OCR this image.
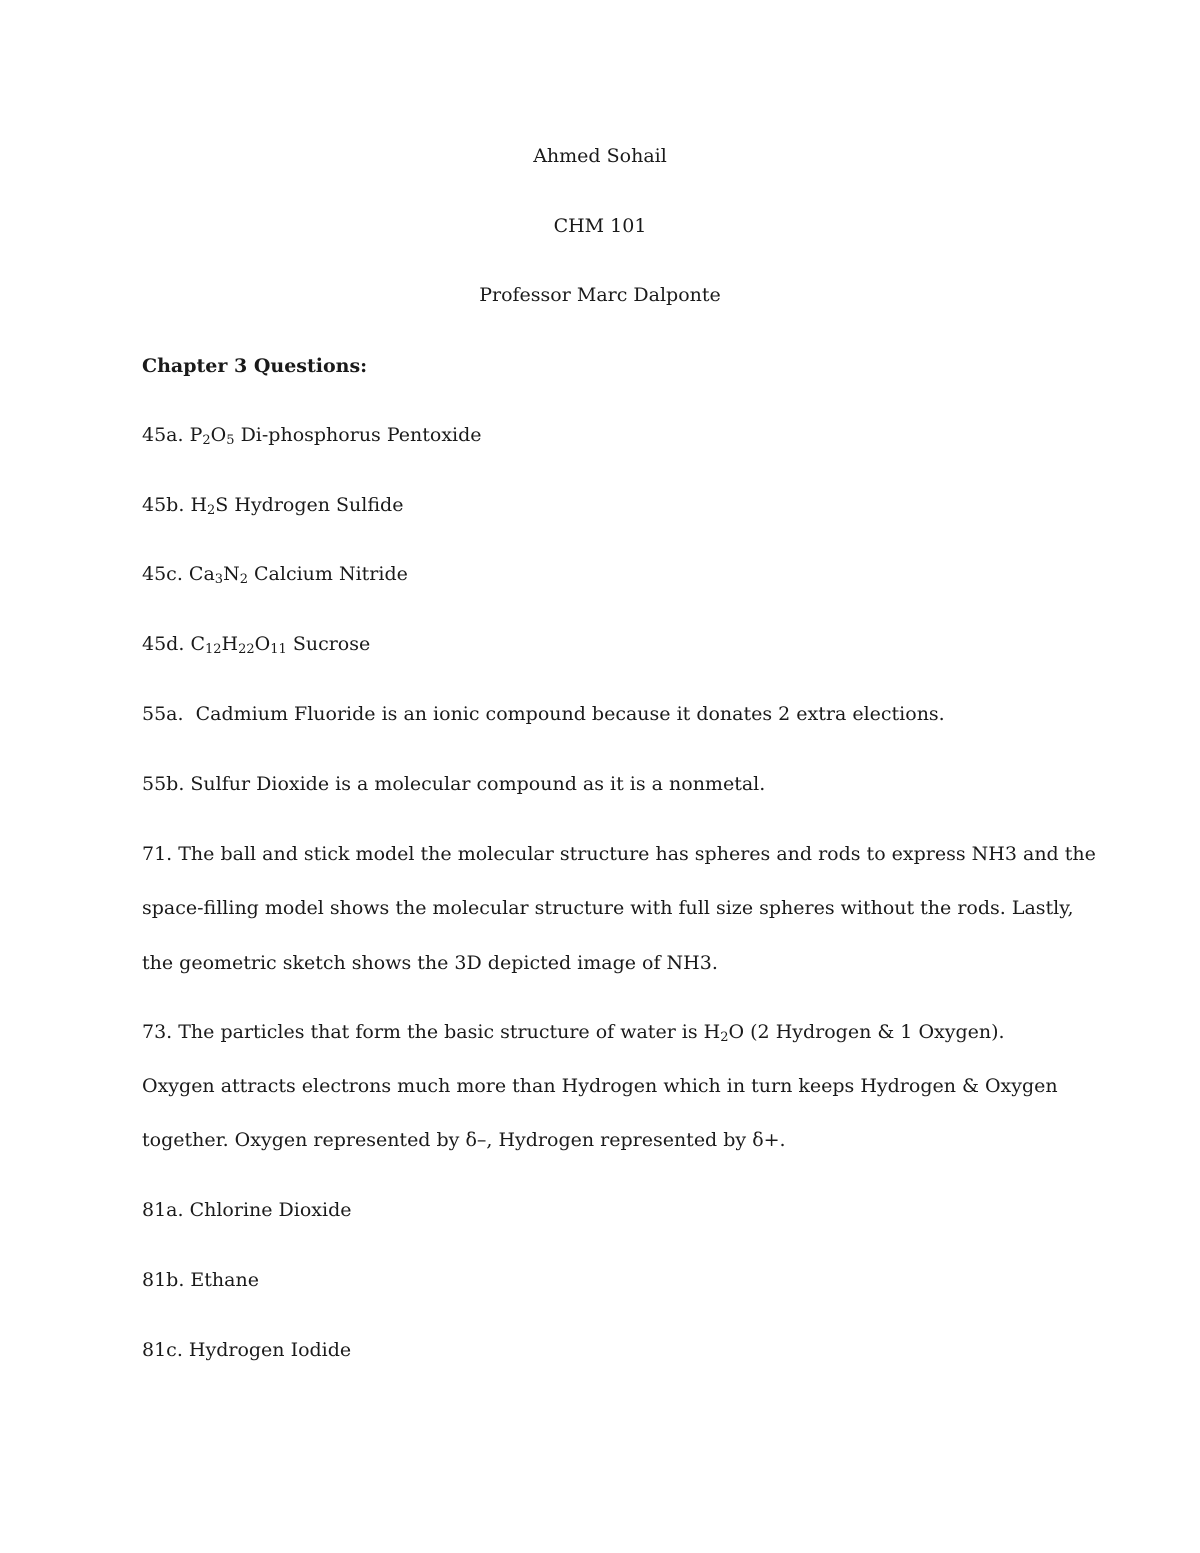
Ahmed Sohail
CHM 101
Professor Marc Dalponte
Chapter 3 Questions:
45a. $P_2O_5$ Di-phosphorus Pentoxide
45b. $H_2S$ Hydrogen Sulfide
45c. $Ca_3N_2$ Calcium Nitride
45d. $C_{12}H_{22}O_{11}$ Sucrose
55a.  Cadmium Fluoride is an ionic compound because it donates 2 extra elections.
55b. Sulfur Dioxide is a molecular compound as it is a nonmetal.
71. The ball and stick model the molecular structure has spheres and rods to express NH3 and the
space-filling model shows the molecular structure with full size spheres without the rods. Lastly,
the geometric sketch shows the 3D depicted image of NH3.
73. The particles that form the basic structure of water is $H_2O$ (2 Hydrogen & 1 Oxygen).
Oxygen attracts electrons much more than Hydrogen which in turn keeps Hydrogen & Oxygen
together. Oxygen represented by δ–, Hydrogen represented by δ+.
81a. Chlorine Dioxide
81b. Ethane
81c. Hydrogen Iodide
